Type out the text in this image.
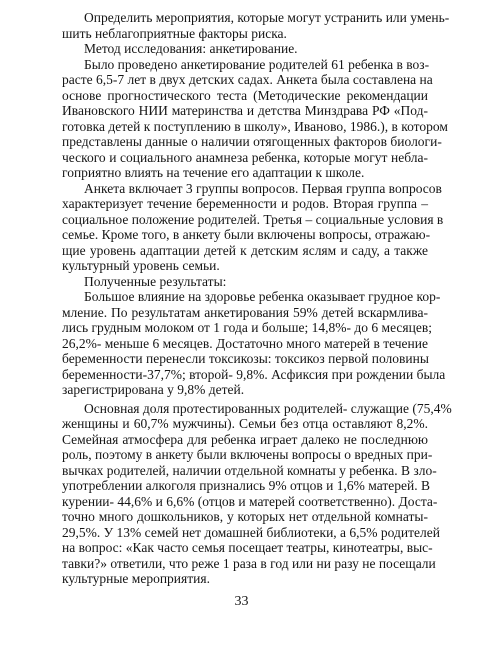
Определить мероприятия, которые могут устранить или умень-
шить неблагоприятные факторы риска.
Метод исследования: анкетирование.
Было проведено анкетирование родителей 61 ребенка в воз-
расте 6,5-7 лет в двух детских садах. Анкета была составлена на
основе прогностического теста (Методические рекомендации
Ивановского НИИ материнства и детства Минздрава РФ «Под-
готовка детей к поступлению в школу», Иваново, 1986.), в котором
представлены данные о наличии отягощенных факторов биологи-
ческого и социального анамнеза ребенка, которые могут небла-
гоприятно влиять на течение его адаптации к школе.
Анкета включает 3 группы вопросов. Первая группа вопросов
характеризует течение беременности и родов. Вторая группа –
социальное положение родителей. Третья – социальные условия в
семье. Кроме того, в анкету были включены вопросы, отражаю-
щие уровень адаптации детей к детским яслям и саду, а также
культурный уровень семьи.
Полученные результаты:
Большое влияние на здоровье ребенка оказывает грудное кор-
мление. По результатам анкетирования 59% детей вскармлива-
лись грудным молоком от 1 года и больше; 14,8%- до 6 месяцев;
26,2%- меньше 6 месяцев. Достаточно много матерей в течение
беременности перенесли токсикозы: токсикоз первой половины
беременности-37,7%; второй- 9,8%. Асфиксия при рождении была
зарегистрирована у 9,8% детей.
Основная доля протестированных родителей- служащие (75,4%
женщины и 60,7% мужчины). Семьи без отца оставляют 8,2%.
Семейная атмосфера для ребенка играет далеко не последнюю
роль, поэтому в анкету были включены вопросы о вредных при-
вычках родителей, наличии отдельной комнаты у ребенка. В зло-
употреблении алкоголя признались 9% отцов и 1,6% матерей. В
курении- 44,6% и 6,6% (отцов и матерей соответственно). Доста-
точно много дошкольников, у которых нет отдельной комнаты-
29,5%. У 13% семей нет домашней библиотеки, а 6,5% родителей
на вопрос: «Как часто семья посещает театры, кинотеатры, выс-
тавки?» ответили, что реже 1 раза в год или ни разу не посещали
культурные мероприятия.
33
